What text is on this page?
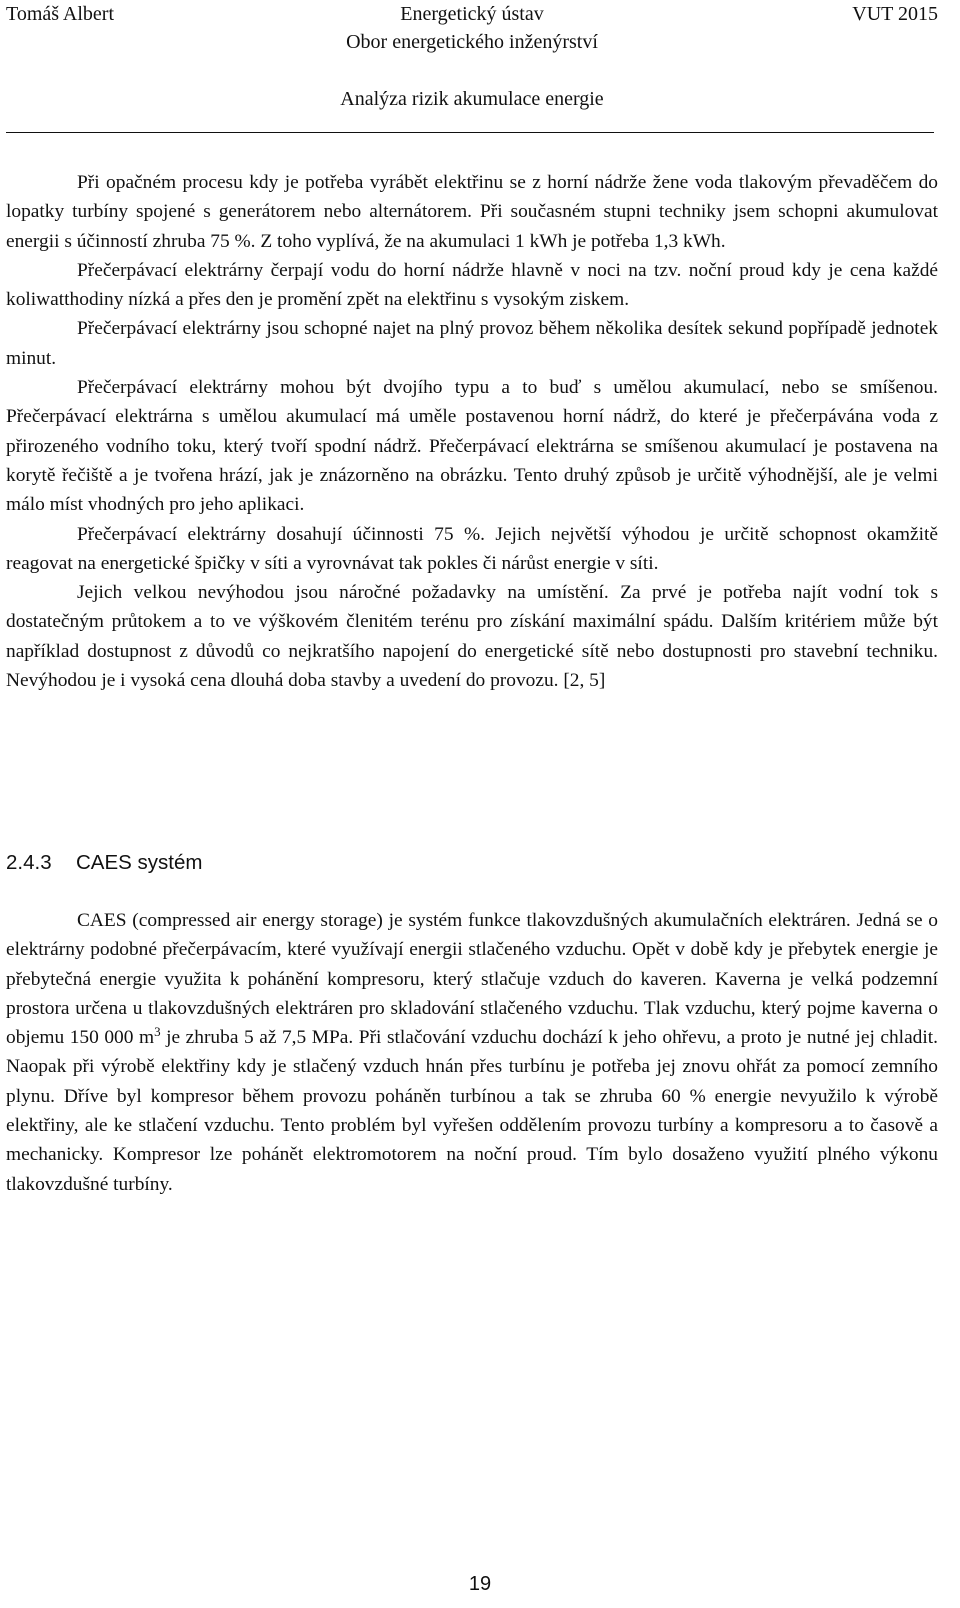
Tomáš Albert	Energetický ústav	VUT 2015
Obor energetického inženýrství
Analýza rizik akumulace energie

Při opačném procesu kdy je potřeba vyrábět elektřinu se z horní nádrže žene voda tlakovým převaděčem do lopatky turbíny spojené s generátorem nebo alternátorem. Při současném stupni techniky jsem schopni akumulovat energii s účinností zhruba 75 %. Z toho vyplívá, že na akumulaci 1 kWh je potřeba 1,3 kWh.

Přečerpávací elektrárny čerpají vodu do horní nádrže hlavně v noci na tzv. noční proud kdy je cena každé koliwatthodiny nízká a přes den je promění zpět na elektřinu s vysokým ziskem.

Přečerpávací elektrárny jsou schopné najet na plný provoz během několika desítek sekund popřípadě jednotek minut.

Přečerpávací elektrárny mohou být dvojího typu a to buď s umělou akumulací, nebo se smíšenou. Přečerpávací elektrárna s umělou akumulací má uměle postavenou horní nádrž, do které je přečerpávána voda z přirozeného vodního toku, který tvoří spodní nádrž. Přečerpávací elektrárna se smíšenou akumulací je postavena na korytě řečiště a je tvořena hrází, jak je znázorněno na obrázku. Tento druhý způsob je určitě výhodnější, ale je velmi málo míst vhodných pro jeho aplikaci.

Přečerpávací elektrárny dosahují účinnosti 75 %. Jejich největší výhodou je určitě schopnost okamžitě reagovat na energetické špičky v síti a vyrovnávat tak pokles či nárůst energie v síti.

Jejich velkou nevýhodou jsou náročné požadavky na umístění. Za prvé je potřeba najít vodní tok s dostatečným průtokem a to ve výškovém členitém terénu pro získání maximální spádu. Dalším kritériem může být například dostupnost z důvodů co nejkratšího napojení do energetické sítě nebo dostupnosti pro stavební techniku. Nevýhodou je i vysoká cena dlouhá doba stavby a uvedení do provozu. [2, 5]

2.4.3 CAES systém

CAES (compressed air energy storage) je systém funkce tlakovzdušných akumulačních elektráren. Jedná se o elektrárny podobné přečerpávacím, které využívají energii stlačeného vzduchu. Opět v době kdy je přebytek energie je přebytečná energie využita k pohánění kompresoru, který stlačuje vzduch do kaveren. Kaverna je velká podzemní prostora určena u tlakovzdušných elektráren pro skladování stlačeného vzduchu. Tlak vzduchu, který pojme kaverna o objemu 150 000 $m^3$ je zhruba 5 až 7,5 MPa. Při stlačování vzduchu dochází k jeho ohřevu, a proto je nutné jej chladit. Naopak při výrobě elektřiny kdy je stlačený vzduch hnán přes turbínu je potřeba jej znovu ohřát za pomocí zemního plynu. Dříve byl kompresor během provozu poháněn turbínou a tak se zhruba 60 % energie nevyužilo k výrobě elektřiny, ale ke stlačení vzduchu. Tento problém byl vyřešen oddělením provozu turbíny a kompresoru a to časově a mechanicky. Kompresor lze pohánět elektromotorem na noční proud. Tím bylo dosaženo využití plného výkonu tlakovzdušné turbíny.

19
